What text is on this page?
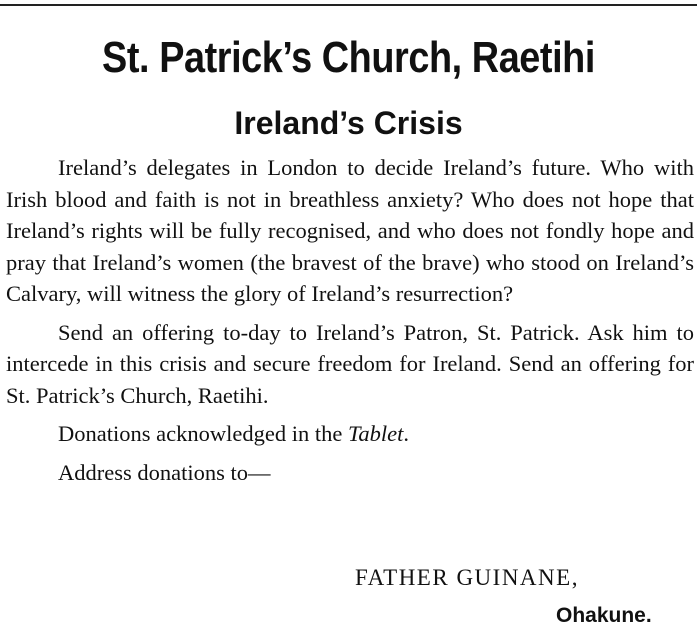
St. Patrick’s Church, Raetihi
Ireland’s Crisis

Ireland’s delegates in London to decide Ireland’s future. Who with Irish blood and faith is not in breathless anxiety? Who does not hope that Ireland’s rights will be fully recognised, and who does not fondly hope and pray that Ireland’s women (the bravest of the brave) who stood on Ireland’s Calvary, will witness the glory of Ireland’s resurrection?

Send an offering to-day to Ireland’s Patron, St. Patrick. Ask him to intercede in this crisis and secure freedom for Ireland. Send an offering for St. Patrick’s Church, Raetihi.

Donations acknowledged in the Tablet.

Address donations to—

FATHER GUINANE,
Ohakune.
